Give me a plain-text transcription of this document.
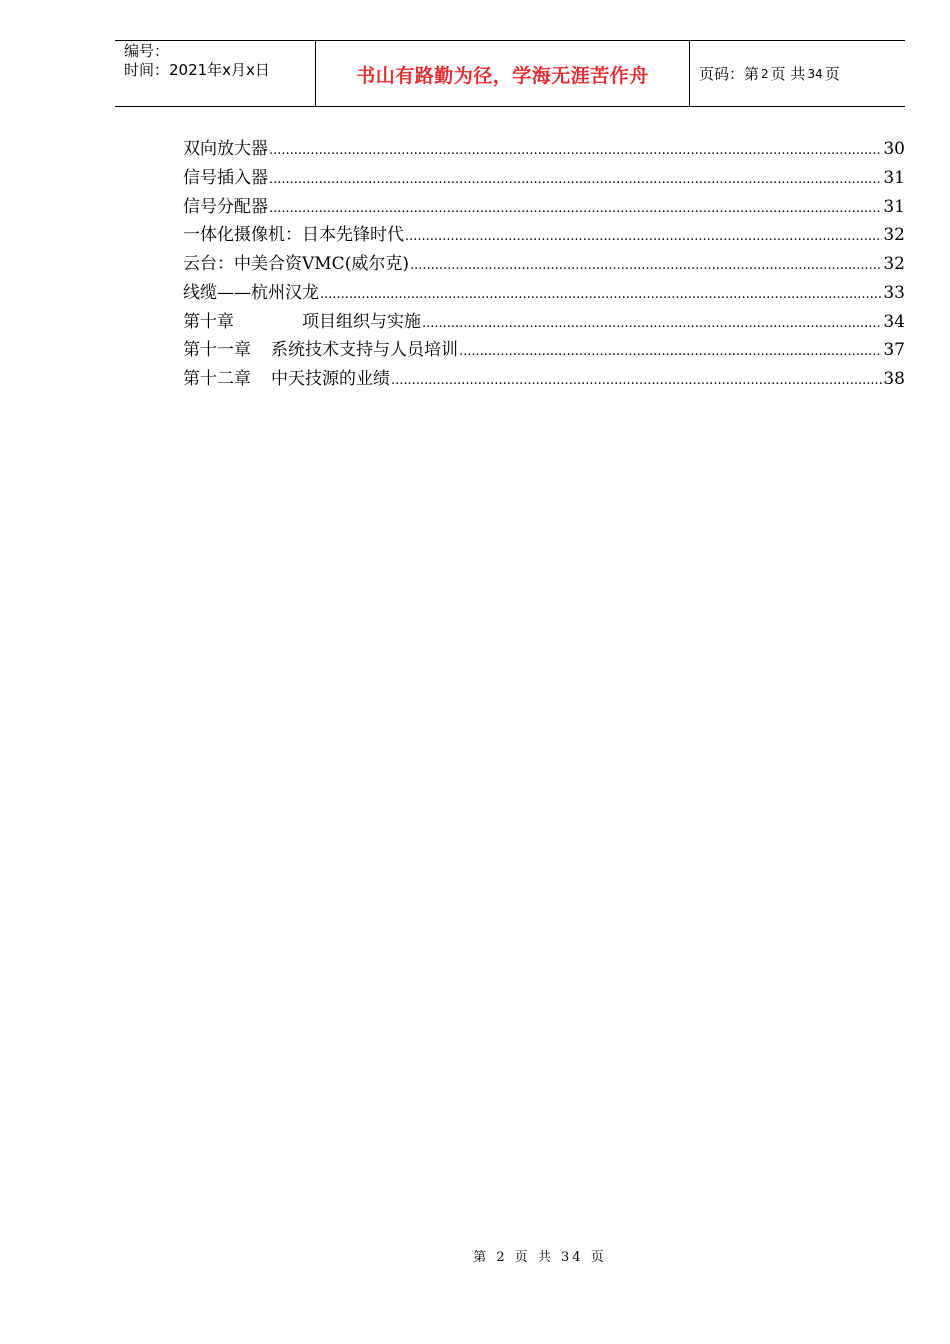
编号：
时间：2021年x月x日	书山有路勤为径，学海无涯苦作舟	页码：第 2 页 共 34 页
双向放大器 .....	30
信号插入器 .....	31
信号分配器 .....	31
一体化摄像机：日本先锋时代 .....	32
云台：中美合资VMC(威尔克) .....	32
线缆——杭州汉龙 .....	33
第十章	项目组织与实施 .....	34
第十一章 系统技术支持与人员培训 .....	37
第十二章 中天技源的业绩 .....	38
第 2 页 共 34 页
